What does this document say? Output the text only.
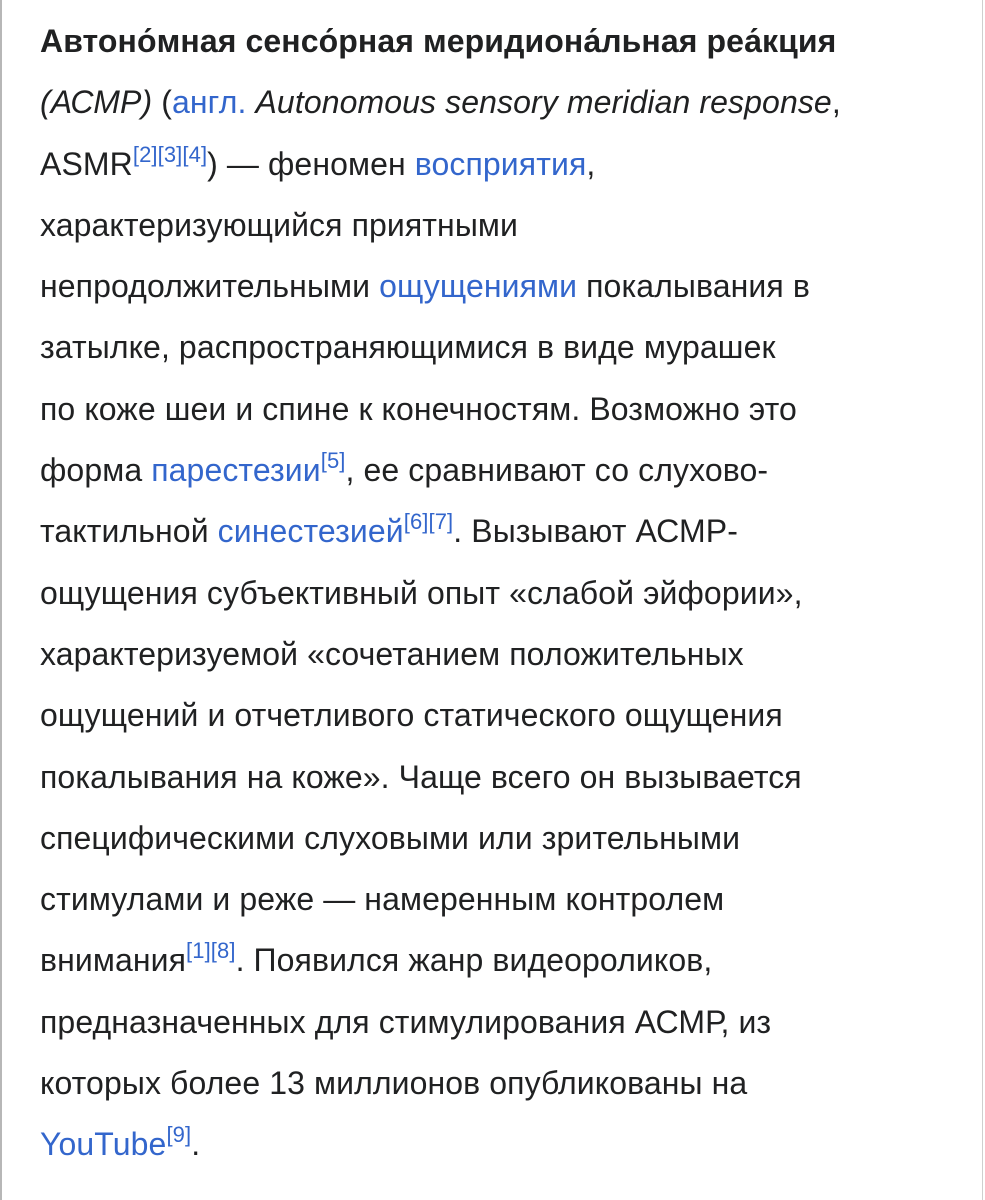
Автоно́мная сенсо́рная меридиона́льная реа́кция
(АСМР) (англ. Autonomous sensory meridian response,
ASMR[2][3][4]) — феномен восприятия,
характеризующийся приятными
непродолжительными ощущениями покалывания в
затылке, распространяющимися в виде мурашек
по коже шеи и спине к конечностям. Возможно это
форма парестезии[5], ее сравнивают со слухово-
тактильной синестезией[6][7]. Вызывают АСМР-
ощущения субъективный опыт «слабой эйфории»,
характеризуемой «сочетанием положительных
ощущений и отчетливого статического ощущения
покалывания на коже». Чаще всего он вызывается
специфическими слуховыми или зрительными
стимулами и реже — намеренным контролем
внимания[1][8]. Появился жанр видеороликов,
предназначенных для стимулирования АСМР, из
которых более 13 миллионов опубликованы на
YouTube[9].
